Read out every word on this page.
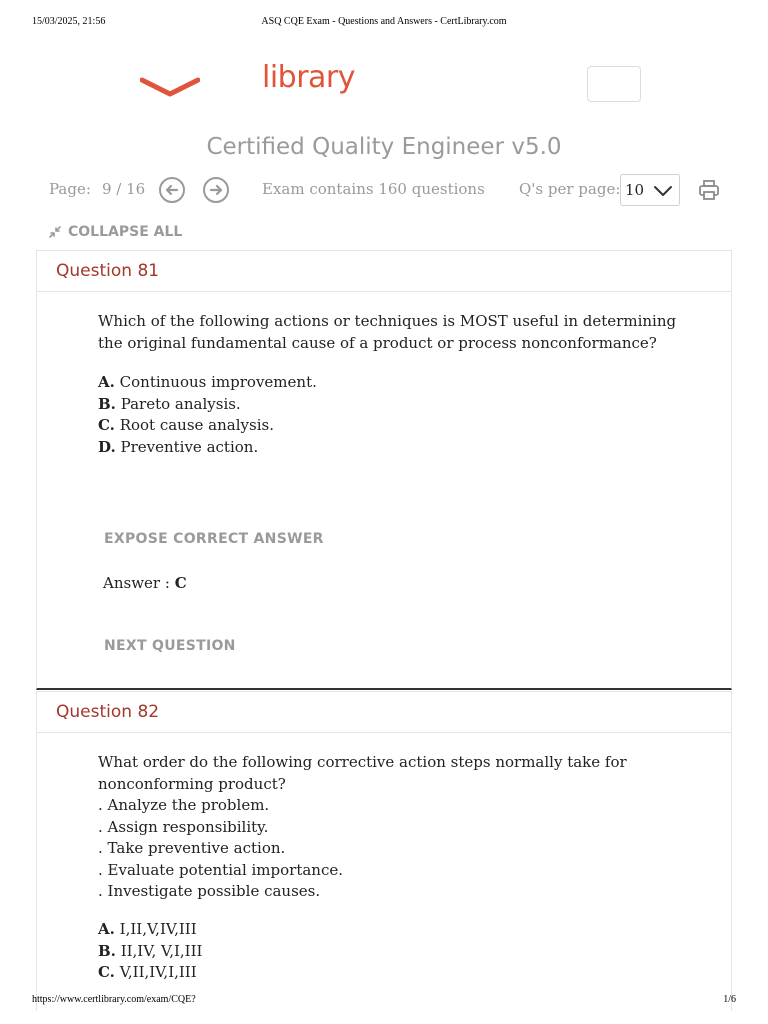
15/03/2025, 21:56	ASQ CQE Exam - Questions and Answers - CertLibrary.com
library
Certified Quality Engineer v5.0
Page: 9 / 16	Exam contains 160 questions Q's per page: 10
COLLAPSE ALL
Question 81
Which of the following actions or techniques is MOST useful in determining the original fundamental cause of a product or process nonconformance?
A. Continuous improvement.
B. Pareto analysis.
C. Root cause analysis.
D. Preventive action.
EXPOSE CORRECT ANSWER
Answer : C
NEXT QUESTION
Question 82
What order do the following corrective action steps normally take for nonconforming product?
. Analyze the problem.
. Assign responsibility.
. Take preventive action.
. Evaluate potential importance.
. Investigate possible causes.
A. I,II,V,IV,III
B. II,IV, V,I,III
C. V,II,IV,I,III
https://www.certlibrary.com/exam/CQE?	1/6
